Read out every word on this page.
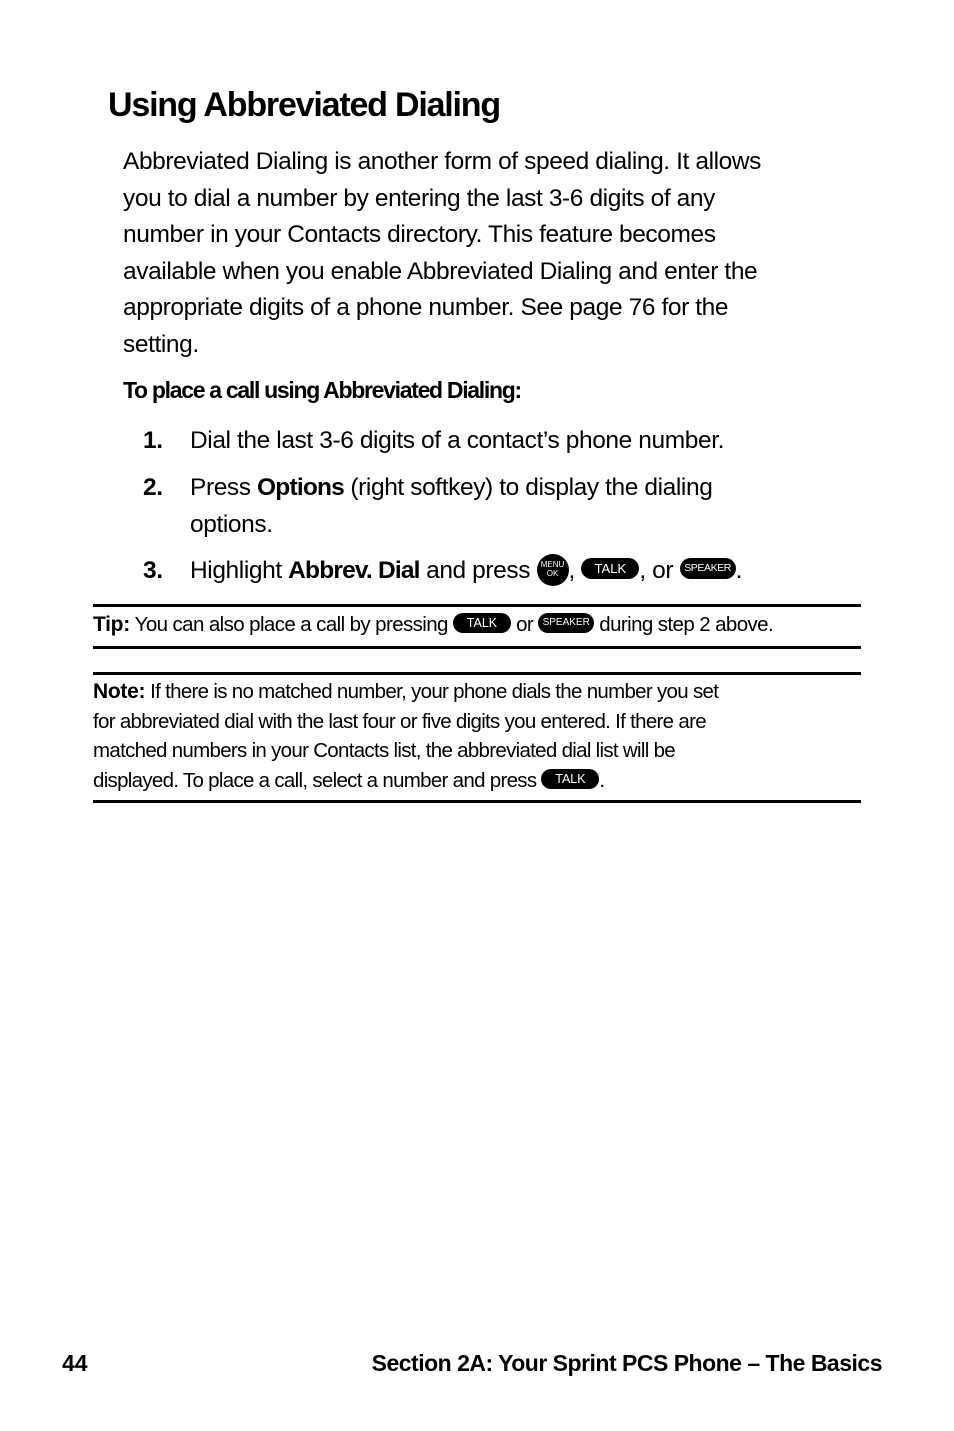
Using Abbreviated Dialing

Abbreviated Dialing is another form of speed dialing. It allows
you to dial a number by entering the last 3-6 digits of any
number in your Contacts directory. This feature becomes
available when you enable Abbreviated Dialing and enter the
appropriate digits of a phone number. See page 76 for the
setting.

To place a call using Abbreviated Dialing:

1. Dial the last 3-6 digits of a contact’s phone number.
2. Press Options (right softkey) to display the dialing
options.
3. Highlight Abbrev. Dial and press	MENU
OK , TALK , or SPEAKER .

Tip: You can also place a call by pressing TALK or SPEAKER during step 2 above.

Note: If there is no matched number, your phone dials the number you set
for abbreviated dial with the last four or five digits you entered. If there are
matched numbers in your Contacts list, the abbreviated dial list will be
displayed. To place a call, select a number and press TALK .

44	Section 2A: Your Sprint PCS Phone – The Basics
